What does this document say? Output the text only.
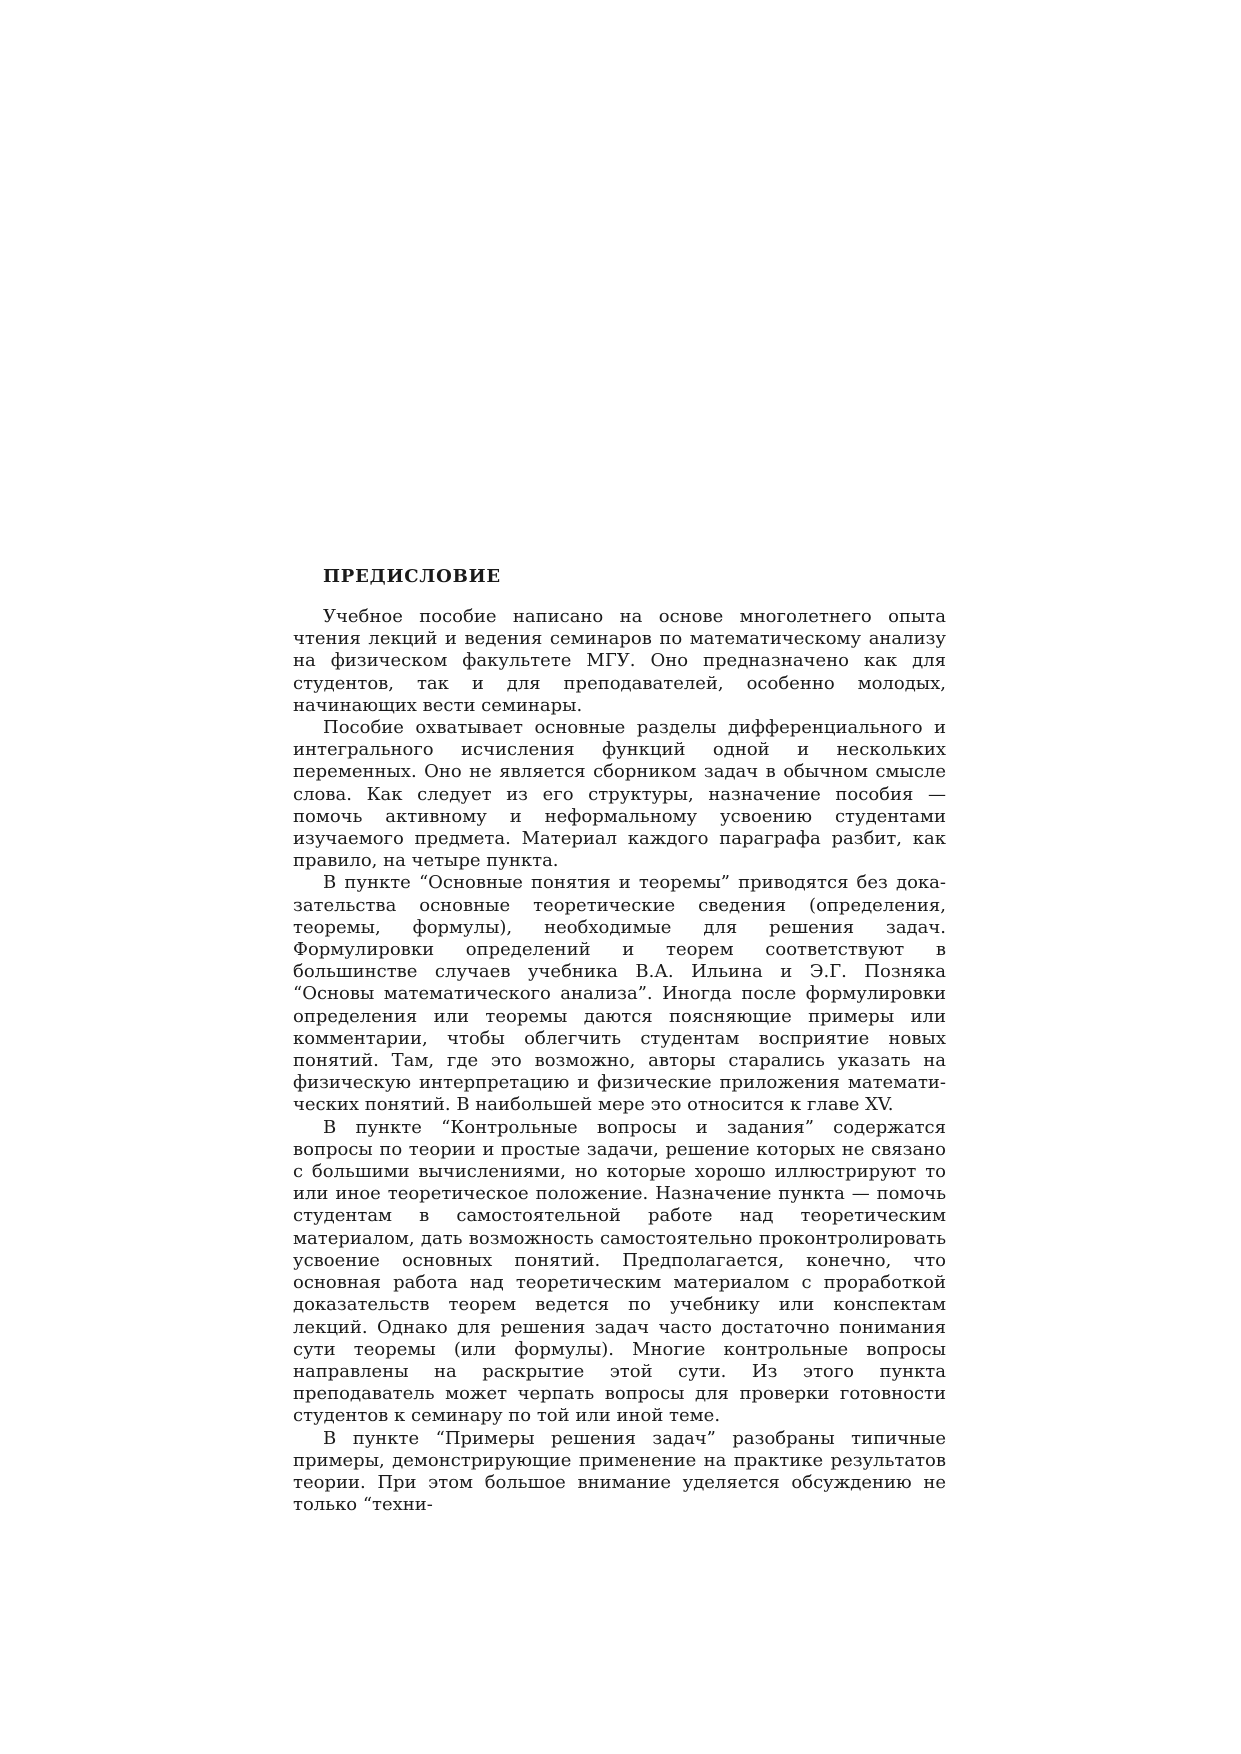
ПРЕДИСЛОВИЕ

Учебное пособие написано на основе многолетнего опыта чтения лекций и ведения семинаров по математическому анализу на физическом факультете МГУ. Оно предназначено как для студентов, так и для преподавателей, особенно молодых, начинающих вести семинары.

Пособие охватывает основные разделы дифференциального и интегрального исчисления функций одной и нескольких переменных. Оно не является сборником задач в обычном смысле слова. Как следует из его структуры, назначение пособия — помочь активному и неформальному усвоению студентами изучаемого предмета. Материал каждого параграфа разбит, как правило, на четыре пункта.

В пункте “Основные понятия и теоремы” приводятся без доказательства основные теоретические сведения (определения, теоремы, формулы), необходимые для решения задач. Формулировки определений и теорем соответствуют в большинстве случаев учебника В.А. Ильина и Э.Г. Позняка “Основы математического анализа”. Иногда после формулировки определения или теоремы даются поясняющие примеры или комментарии, чтобы облегчить студентам восприятие новых понятий. Там, где это возможно, авторы старались указать на физическую интерпретацию и физические приложения математических понятий. В наибольшей мере это относится к главе XV.

В пункте “Контрольные вопросы и задания” содержатся вопросы по теории и простые задачи, решение которых не связано с большими вычислениями, но которые хорошо иллюстрируют то или иное теоретическое положение. Назначение пункта — помочь студентам в самостоятельной работе над теоретическим материалом, дать возможность самостоятельно проконтролировать усвоение основных понятий. Предполагается, конечно, что основная работа над теоретическим материалом с проработкой доказательств теорем ведется по учебнику или конспектам лекций. Однако для решения задач часто достаточно понимания сути теоремы (или формулы). Многие контрольные вопросы направлены на раскрытие этой сути. Из этого пункта преподаватель может черпать вопросы для проверки готовности студентов к семинару по той или иной теме.

В пункте “Примеры решения задач” разобраны типичные примеры, демонстрирующие применение на практике результатов теории. При этом большое внимание уделяется обсуждению не только “техни-
